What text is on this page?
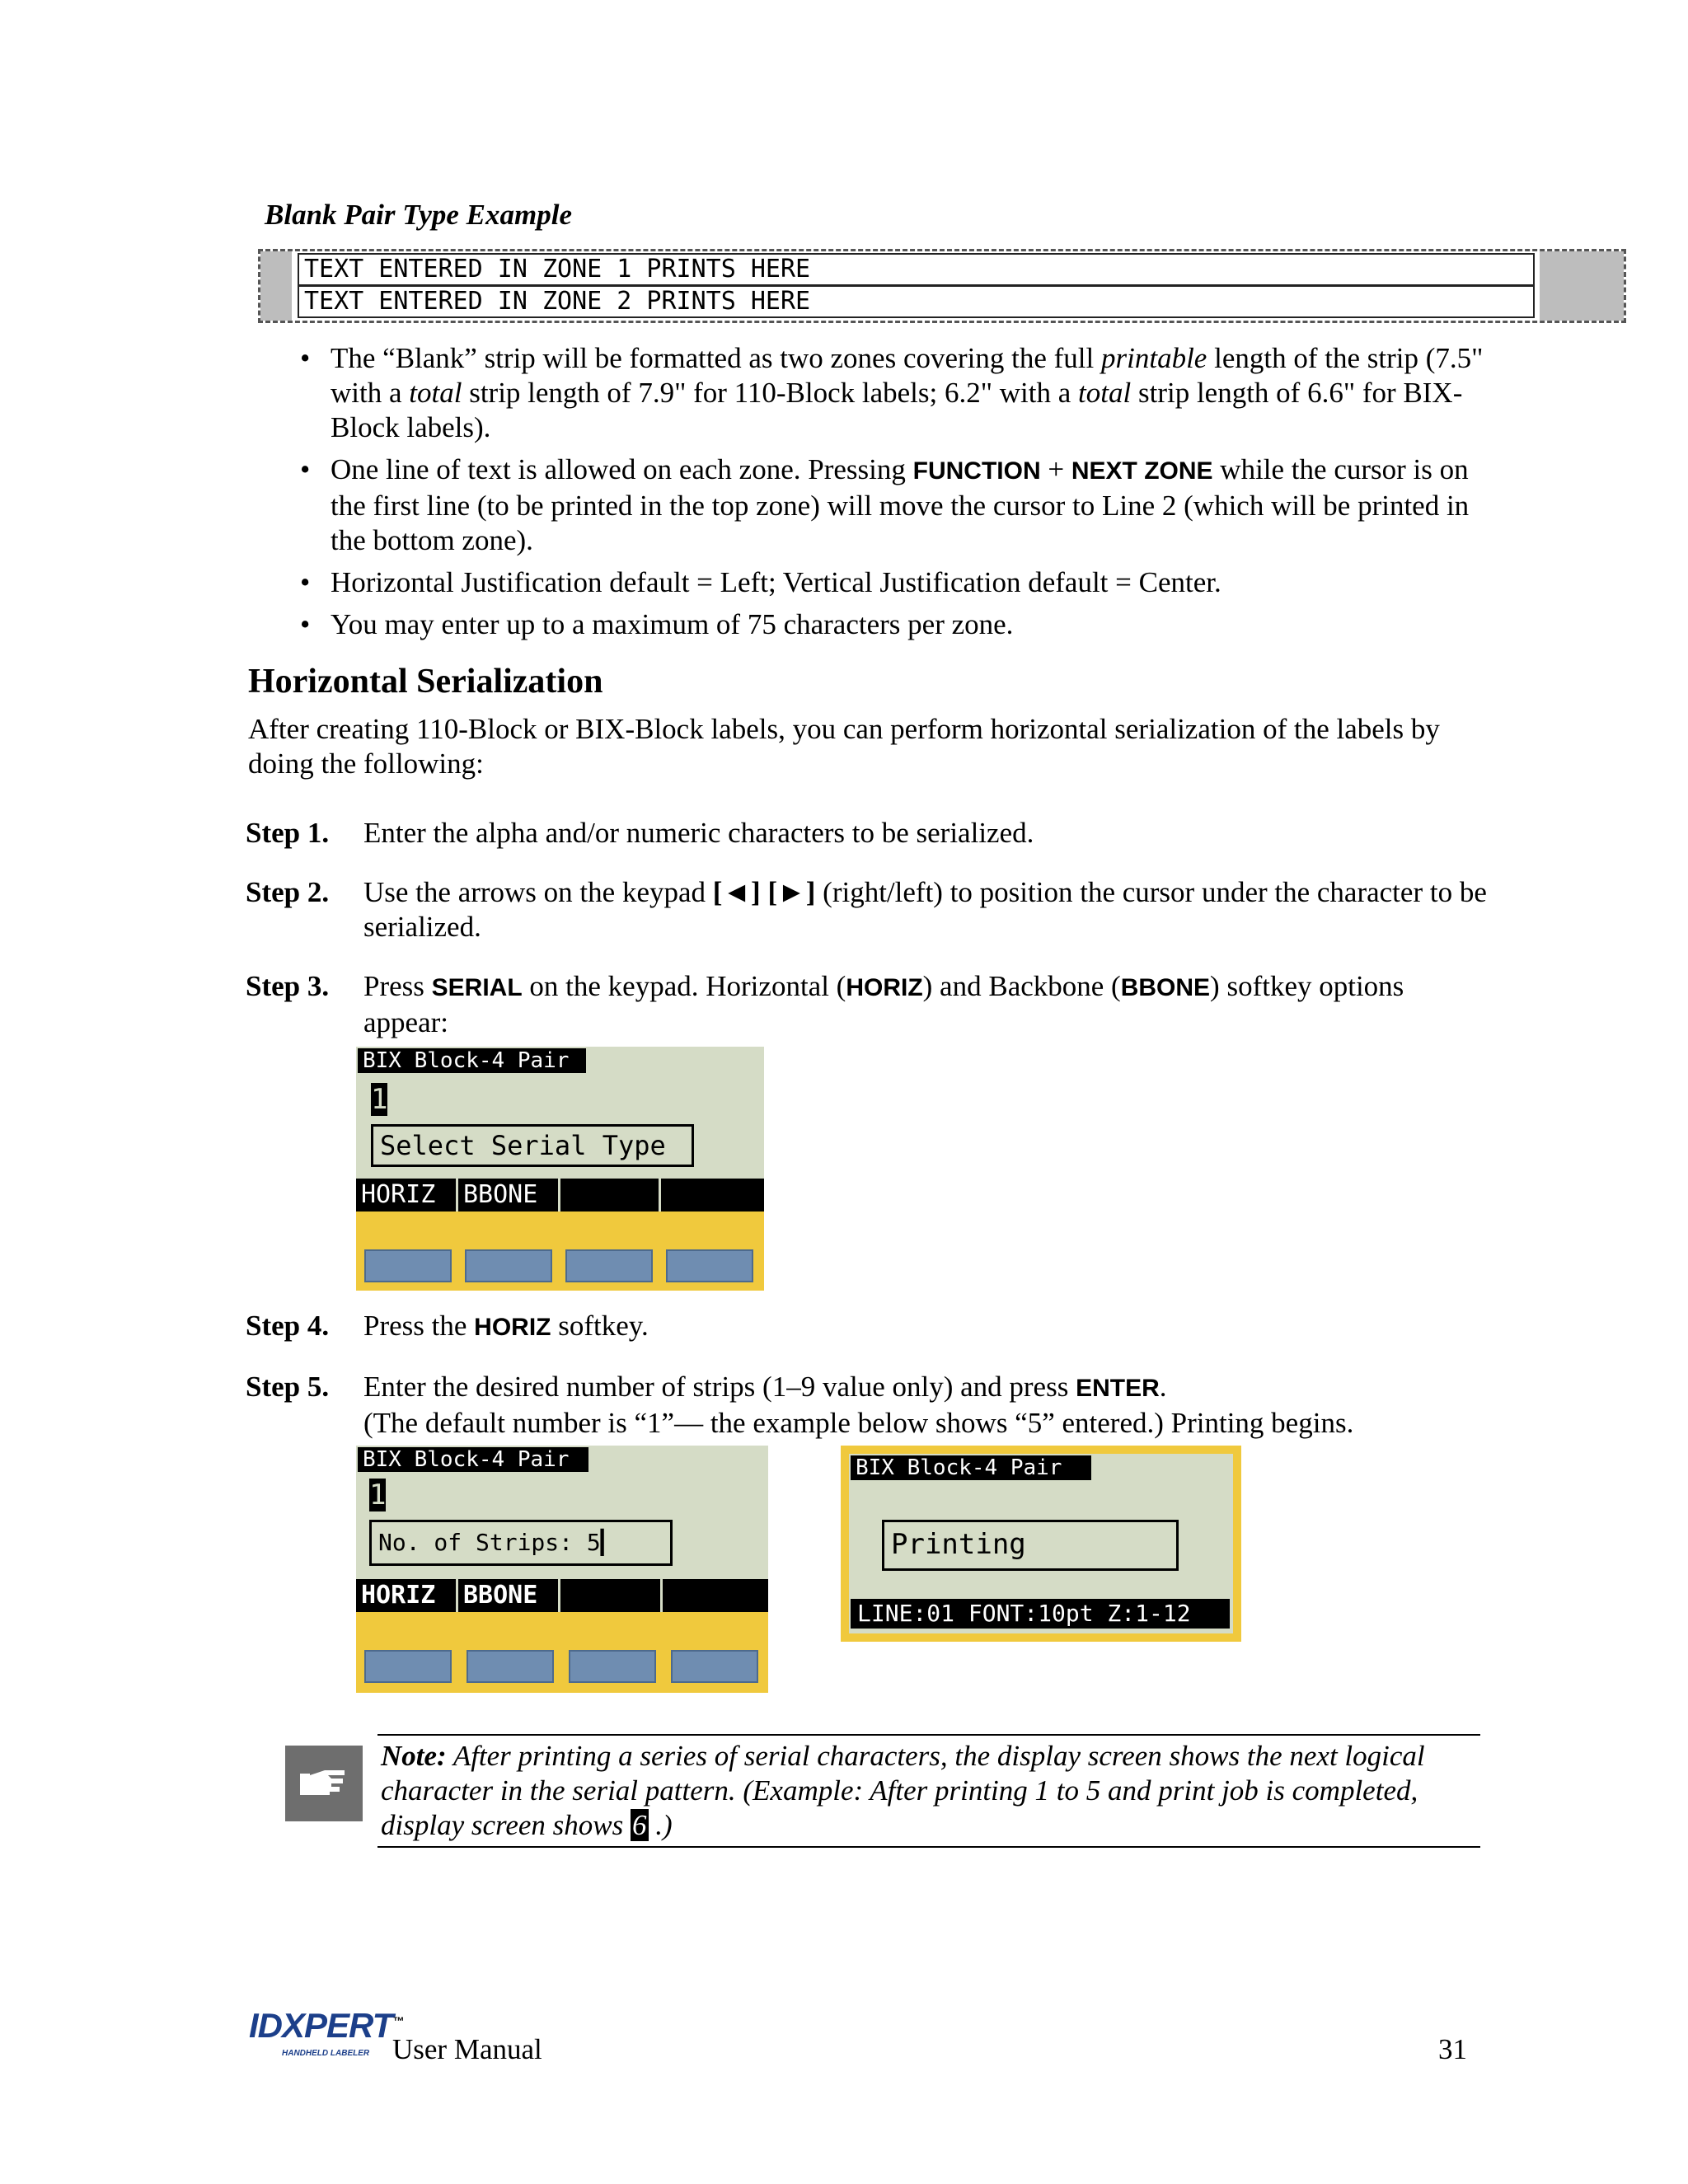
Blank Pair Type Example
TEXT ENTERED IN ZONE 1 PRINTS HERE
TEXT ENTERED IN ZONE 2 PRINTS HERE
• The “Blank” strip will be formatted as two zones covering the full printable length of the strip (7.5" with a total strip length of 7.9" for 110-Block labels; 6.2" with a total strip length of 6.6" for BIX-Block labels).
• One line of text is allowed on each zone. Pressing FUNCTION + NEXT ZONE while the cursor is on the first line (to be printed in the top zone) will move the cursor to Line 2 (which will be printed in the bottom zone).
• Horizontal Justification default = Left; Vertical Justification default = Center.
• You may enter up to a maximum of 75 characters per zone.
Horizontal Serialization
After creating 110-Block or BIX-Block labels, you can perform horizontal serialization of the labels by doing the following:
Step 1. Enter the alpha and/or numeric characters to be serialized.
Step 2. Use the arrows on the keypad [◄] [►] (right/left) to position the cursor under the character to be serialized.
Step 3. Press SERIAL on the keypad. Horizontal (HORIZ) and Backbone (BBONE) softkey options appear:
BIX Block-4 Pair
1
Select Serial Type
HORIZ	BBONE
Step 4. Press the HORIZ softkey.
Step 5. Enter the desired number of strips (1–9 value only) and press ENTER.
(The default number is “1”— the example below shows “5” entered.) Printing begins.
BIX Block-4 Pair
1
No. of Strips: 5▎
HORIZ	BBONE
BIX Block-4 Pair
Printing
LINE:01 FONT:10pt Z:1-12
Note: After printing a series of serial characters, the display screen shows the next logical character in the serial pattern. (Example: After printing 1 to 5 and print job is completed, display screen shows 6 .)
IDXPERT™
HANDHELD LABELER User Manual	31
